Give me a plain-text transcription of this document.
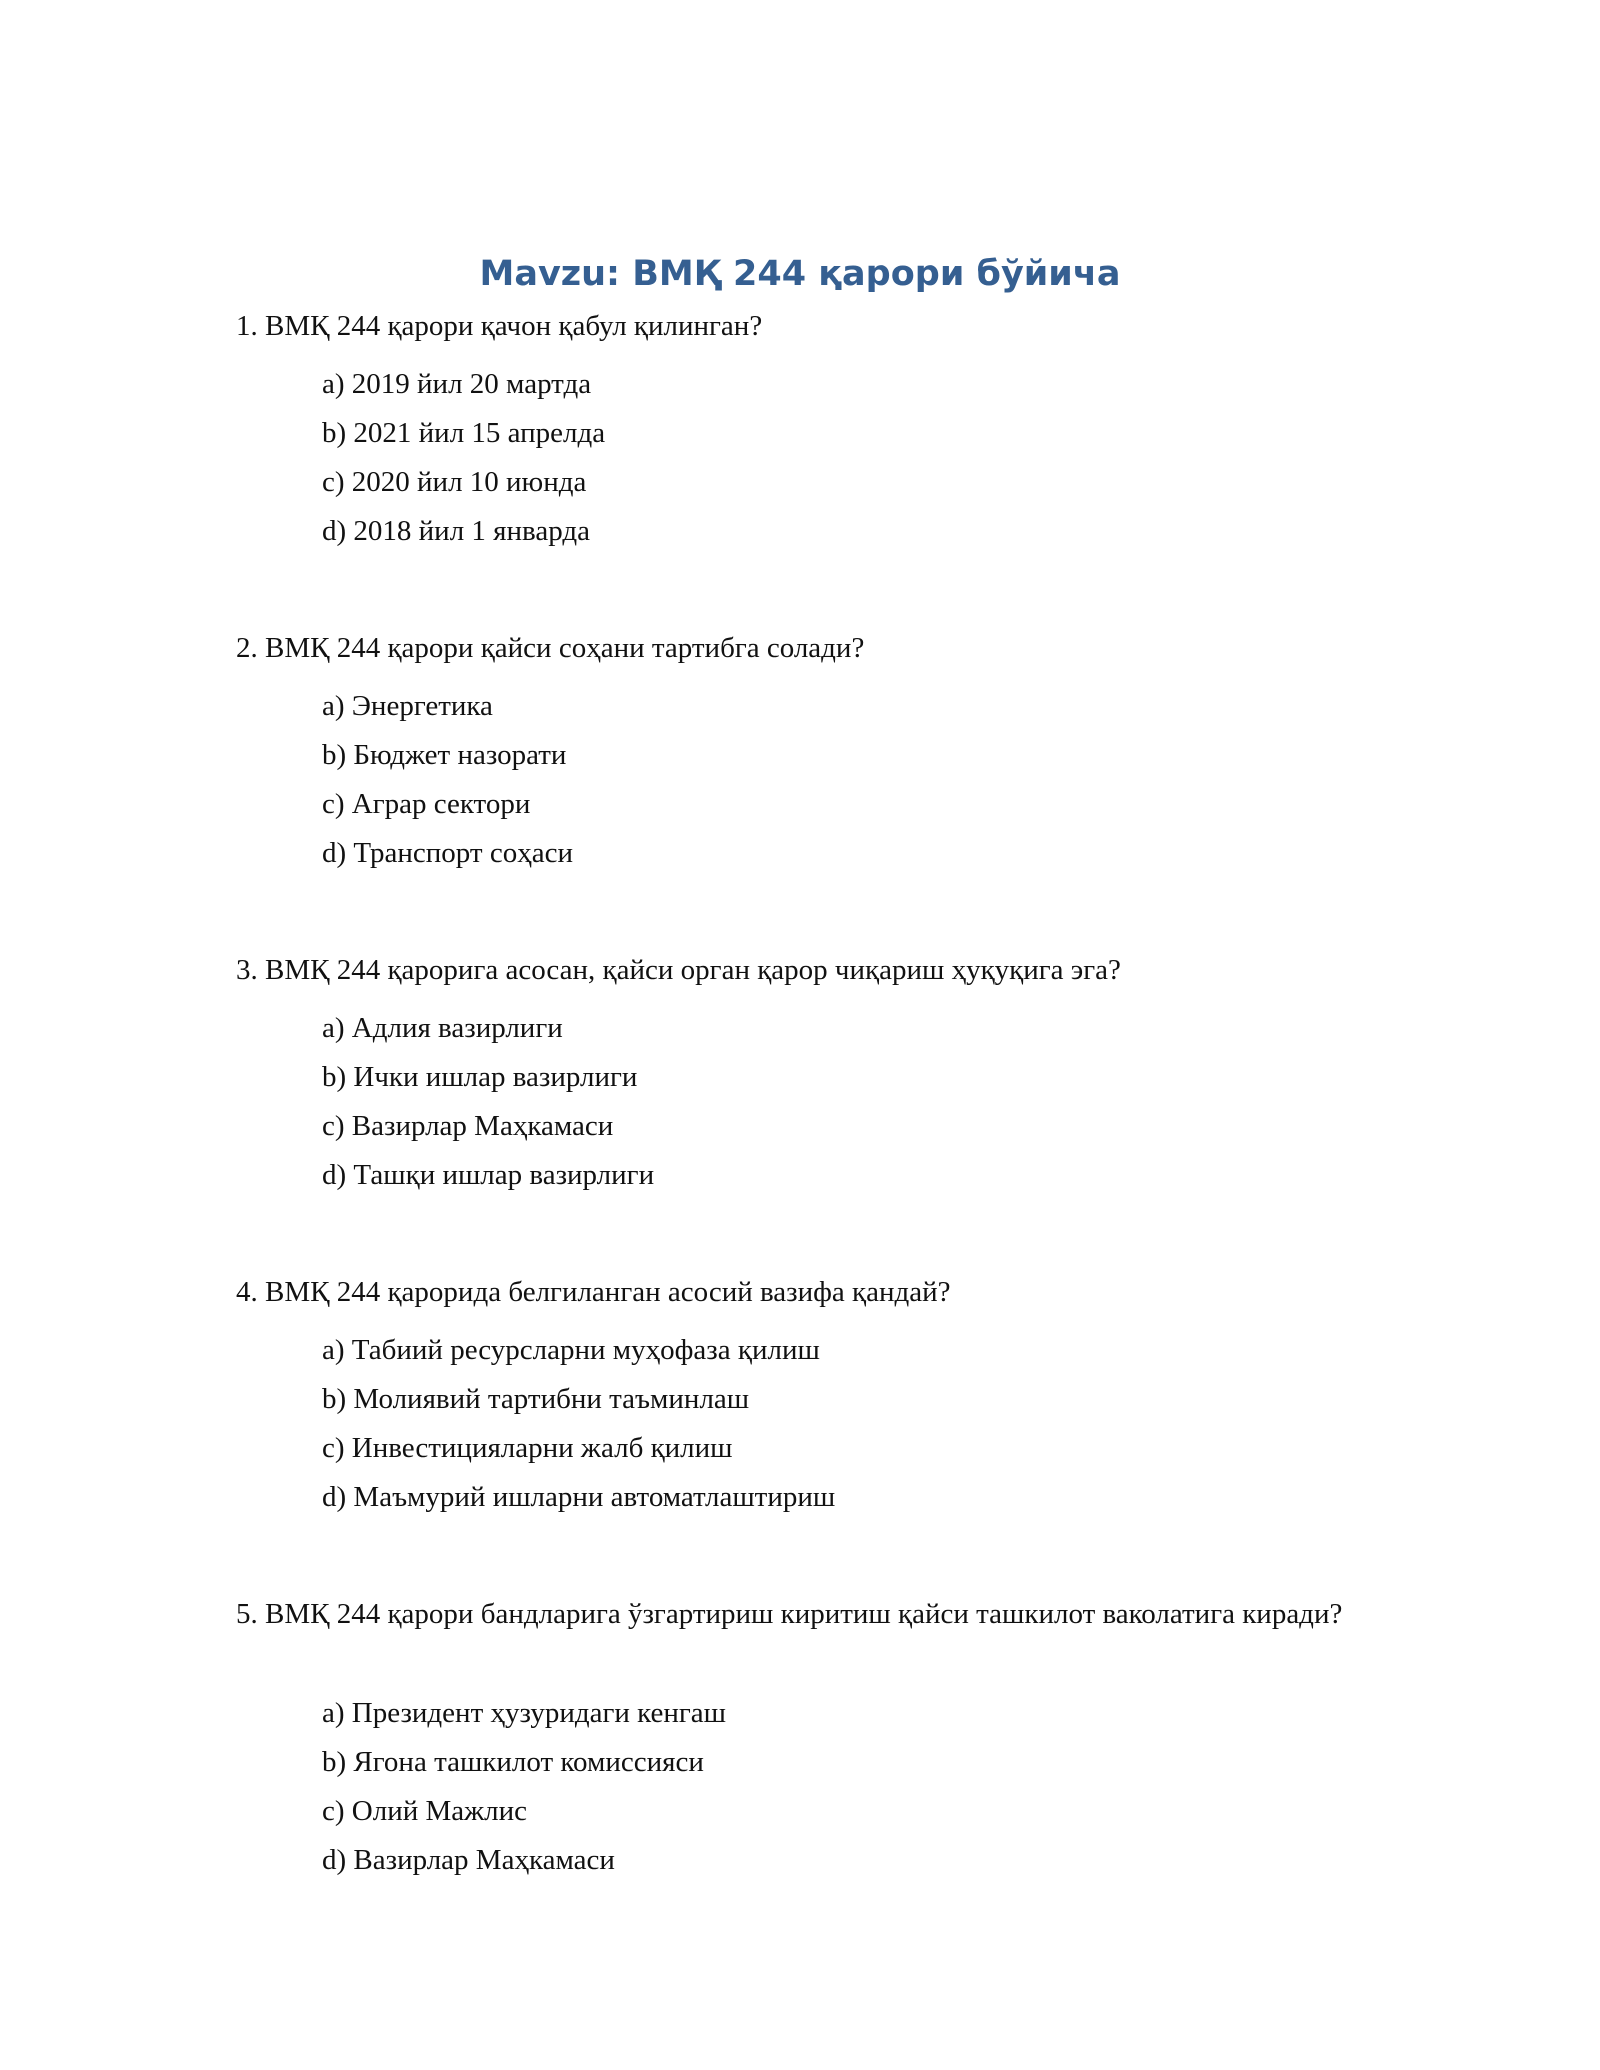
Mavzu: ВМҚ 244 қарори бўйича

1. ВМҚ 244 қарори қачон қабул қилинган?

a) 2019 йил 20 мартда
b) 2021 йил 15 апрелда
c) 2020 йил 10 июнда
d) 2018 йил 1 январда

2. ВМҚ 244 қарори қайси соҳани тартибга солади?

a) Энергетика
b) Бюджет назорати
c) Аграр сектори
d) Транспорт соҳаси

3. ВМҚ 244 қарорига асосан, қайси орган қарор чиқариш ҳуқуқига эга?

a) Адлия вазирлиги
b) Ички ишлар вазирлиги
c) Вазирлар Маҳкамаси
d) Ташқи ишлар вазирлиги

4. ВМҚ 244 қарорида белгиланган асосий вазифа қандай?

a) Табиий ресурсларни муҳофаза қилиш
b) Молиявий тартибни таъминлаш
c) Инвестицияларни жалб қилиш
d) Маъмурий ишларни автоматлаштириш

5. ВМҚ 244 қарори бандларига ўзгартириш киритиш қайси ташкилот ваколатига киради?

a) Президент ҳузуридаги кенгаш
b) Ягона ташкилот комиссияси
c) Олий Мажлис
d) Вазирлар Маҳкамаси
